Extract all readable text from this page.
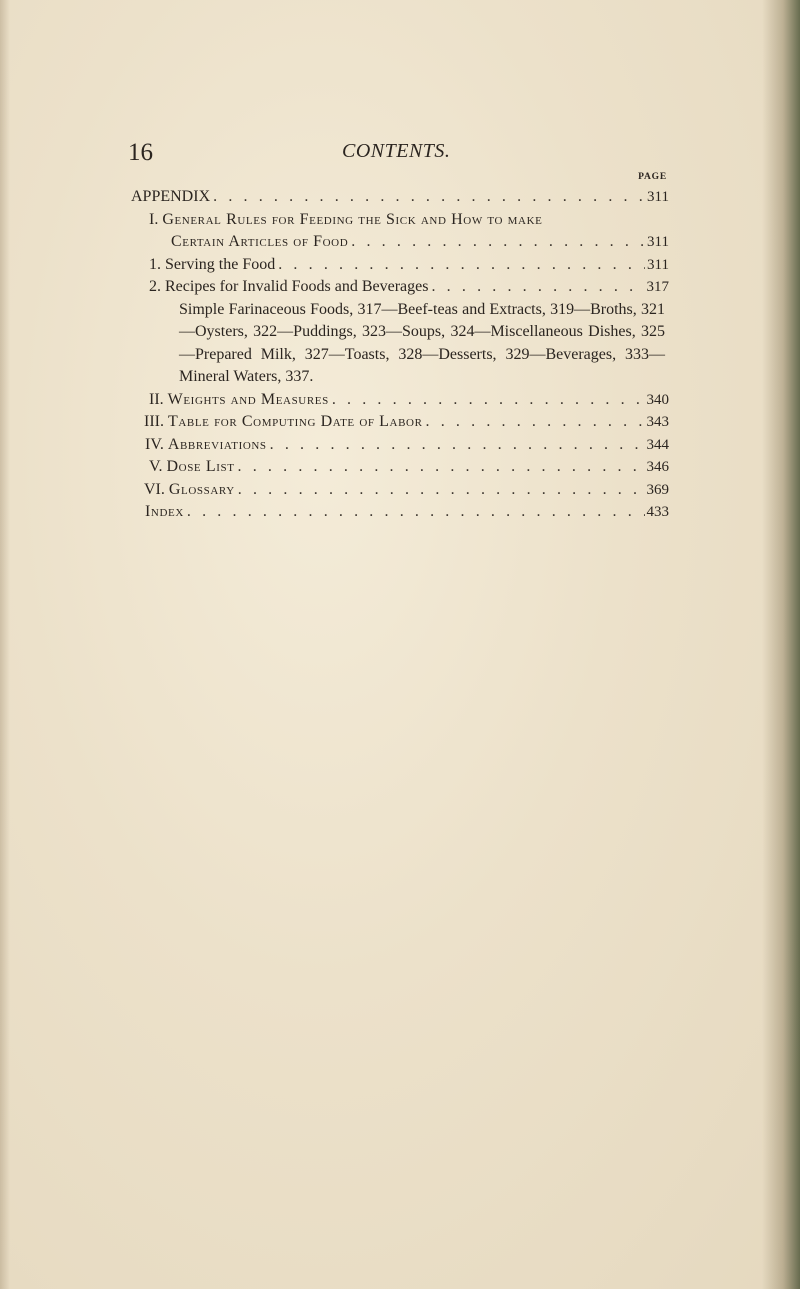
16	CONTENTS.
PAGE
APPENDIX . . .	311
I. General Rules for Feeding the Sick and How to make
Certain Articles of Food . . .	311
1. Serving the Food . . .	311
2. Recipes for Invalid Foods and Beverages . . .	317
Simple Farinaceous Foods, 317—Beef-teas and Extracts, 319—Broths, 321—Oysters, 322—Puddings, 323—Soups, 324—Miscellaneous Dishes, 325—Prepared Milk, 327—Toasts, 328—Desserts, 329—Beverages, 333—Mineral Waters, 337.
II. Weights and Measures . . .	340
III. Table for Computing Date of Labor . . .	343
IV. Abbreviations . . .	344
V. Dose List . . .	346
VI. Glossary . . .	369
Index . . .	433
